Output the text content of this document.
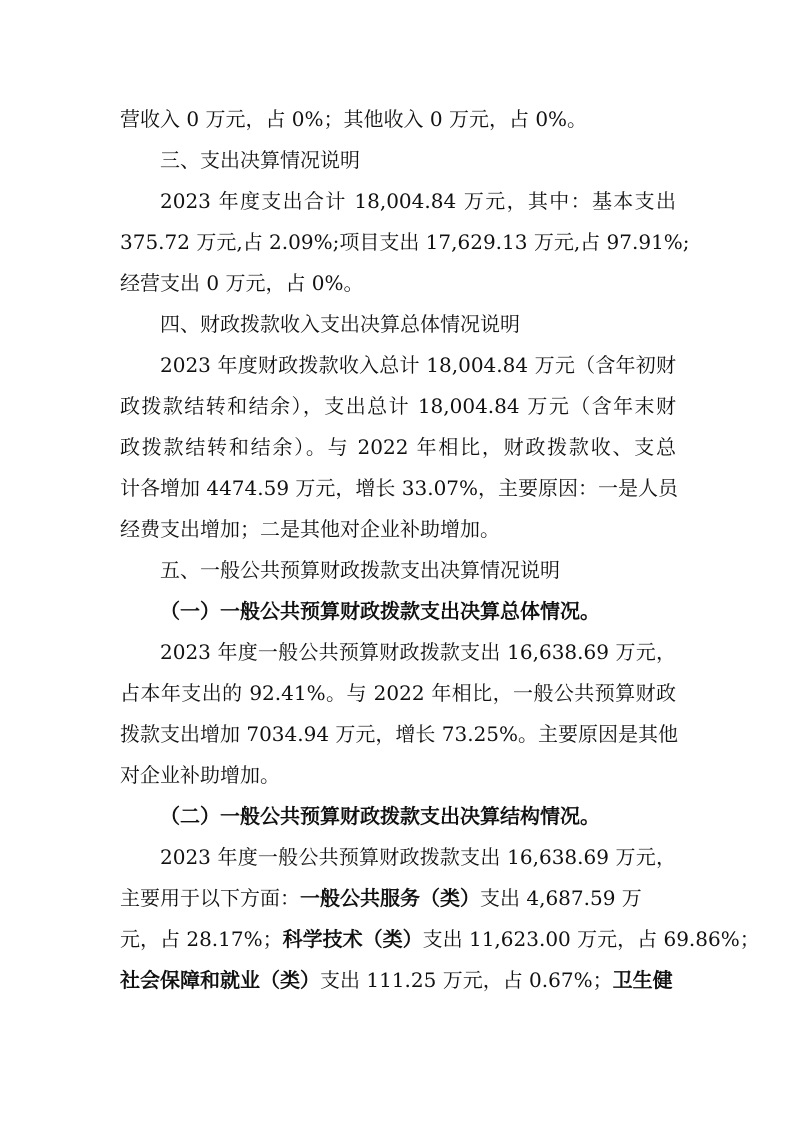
营收入 0 万元，占 0%；其他收入 0 万元，占 0%。
三、支出决算情况说明
2023 年度支出合计 18,004.84 万元，其中：基本支出
375.72 万元,占 2.09%;项目支出 17,629.13 万元,占 97.91%;
经营支出 0 万元，占 0%。
四、财政拨款收入支出决算总体情况说明
2023 年度财政拨款收入总计 18,004.84 万元（含年初财
政拨款结转和结余），支出总计 18,004.84 万元（含年末财
政拨款结转和结余）。与 2022 年相比，财政拨款收、支总
计各增加 4474.59 万元，增长 33.07%，主要原因：一是人员
经费支出增加；二是其他对企业补助增加。
五、一般公共预算财政拨款支出决算情况说明
（一）一般公共预算财政拨款支出决算总体情况。
2023 年度一般公共预算财政拨款支出 16,638.69 万元，
占本年支出的 92.41%。与 2022 年相比，一般公共预算财政
拨款支出增加 7034.94 万元，增长 73.25%。主要原因是其他
对企业补助增加。
（二）一般公共预算财政拨款支出决算结构情况。
2023 年度一般公共预算财政拨款支出 16,638.69 万元，
主要用于以下方面：一般公共服务（类）支出 4,687.59 万
元，占 28.17%；科学技术（类）支出 11,623.00 万元，占 69.86%；
社会保障和就业（类）支出 111.25 万元，占 0.67%；卫生健
